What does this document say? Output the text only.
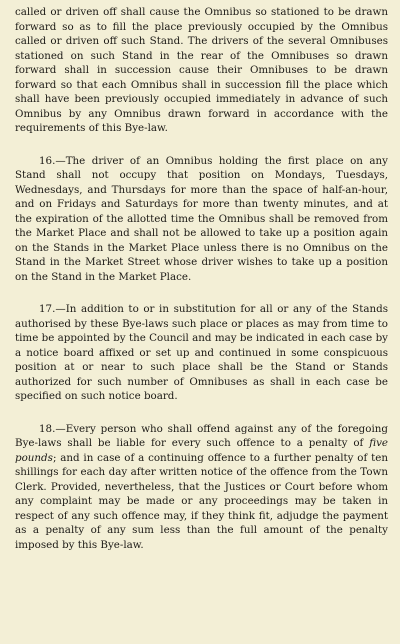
called or driven off shall cause the Omnibus so stationed to be drawn forward so as to fill the place previously occupied by the Omnibus called or driven off such Stand. The drivers of the several Omnibuses stationed on such Stand in the rear of the Omnibuses so drawn forward shall in succession cause their Omnibuses to be drawn forward so that each Omnibus shall in succession fill the place which shall have been previously occupied immediately in advance of such Omnibus by any Omnibus drawn forward in accordance with the requirements of this Bye-law.

16.—The driver of an Omnibus holding the first place on any Stand shall not occupy that position on Mondays, Tuesdays, Wednesdays, and Thursdays for more than the space of half-an-hour, and on Fridays and Saturdays for more than twenty minutes, and at the expiration of the allotted time the Omnibus shall be removed from the Market Place and shall not be allowed to take up a position again on the Stands in the Market Place unless there is no Omnibus on the Stand in the Market Street whose driver wishes to take up a position on the Stand in the Market Place.

17.—In addition to or in substitution for all or any of the Stands authorised by these Bye-laws such place or places as may from time to time be appointed by the Council and may be indicated in each case by a notice board affixed or set up and continued in some conspicuous position at or near to such place shall be the Stand or Stands authorized for such number of Omnibuses as shall in each case be specified on such notice board.

18.—Every person who shall offend against any of the foregoing Bye-laws shall be liable for every such offence to a penalty of five pounds; and in case of a continuing offence to a further penalty of ten shillings for each day after written notice of the offence from the Town Clerk. Provided, nevertheless, that the Justices or Court before whom any complaint may be made or any proceedings may be taken in respect of any such offence may, if they think fit, adjudge the payment as a penalty of any sum less than the full amount of the penalty imposed by this Bye-law.
